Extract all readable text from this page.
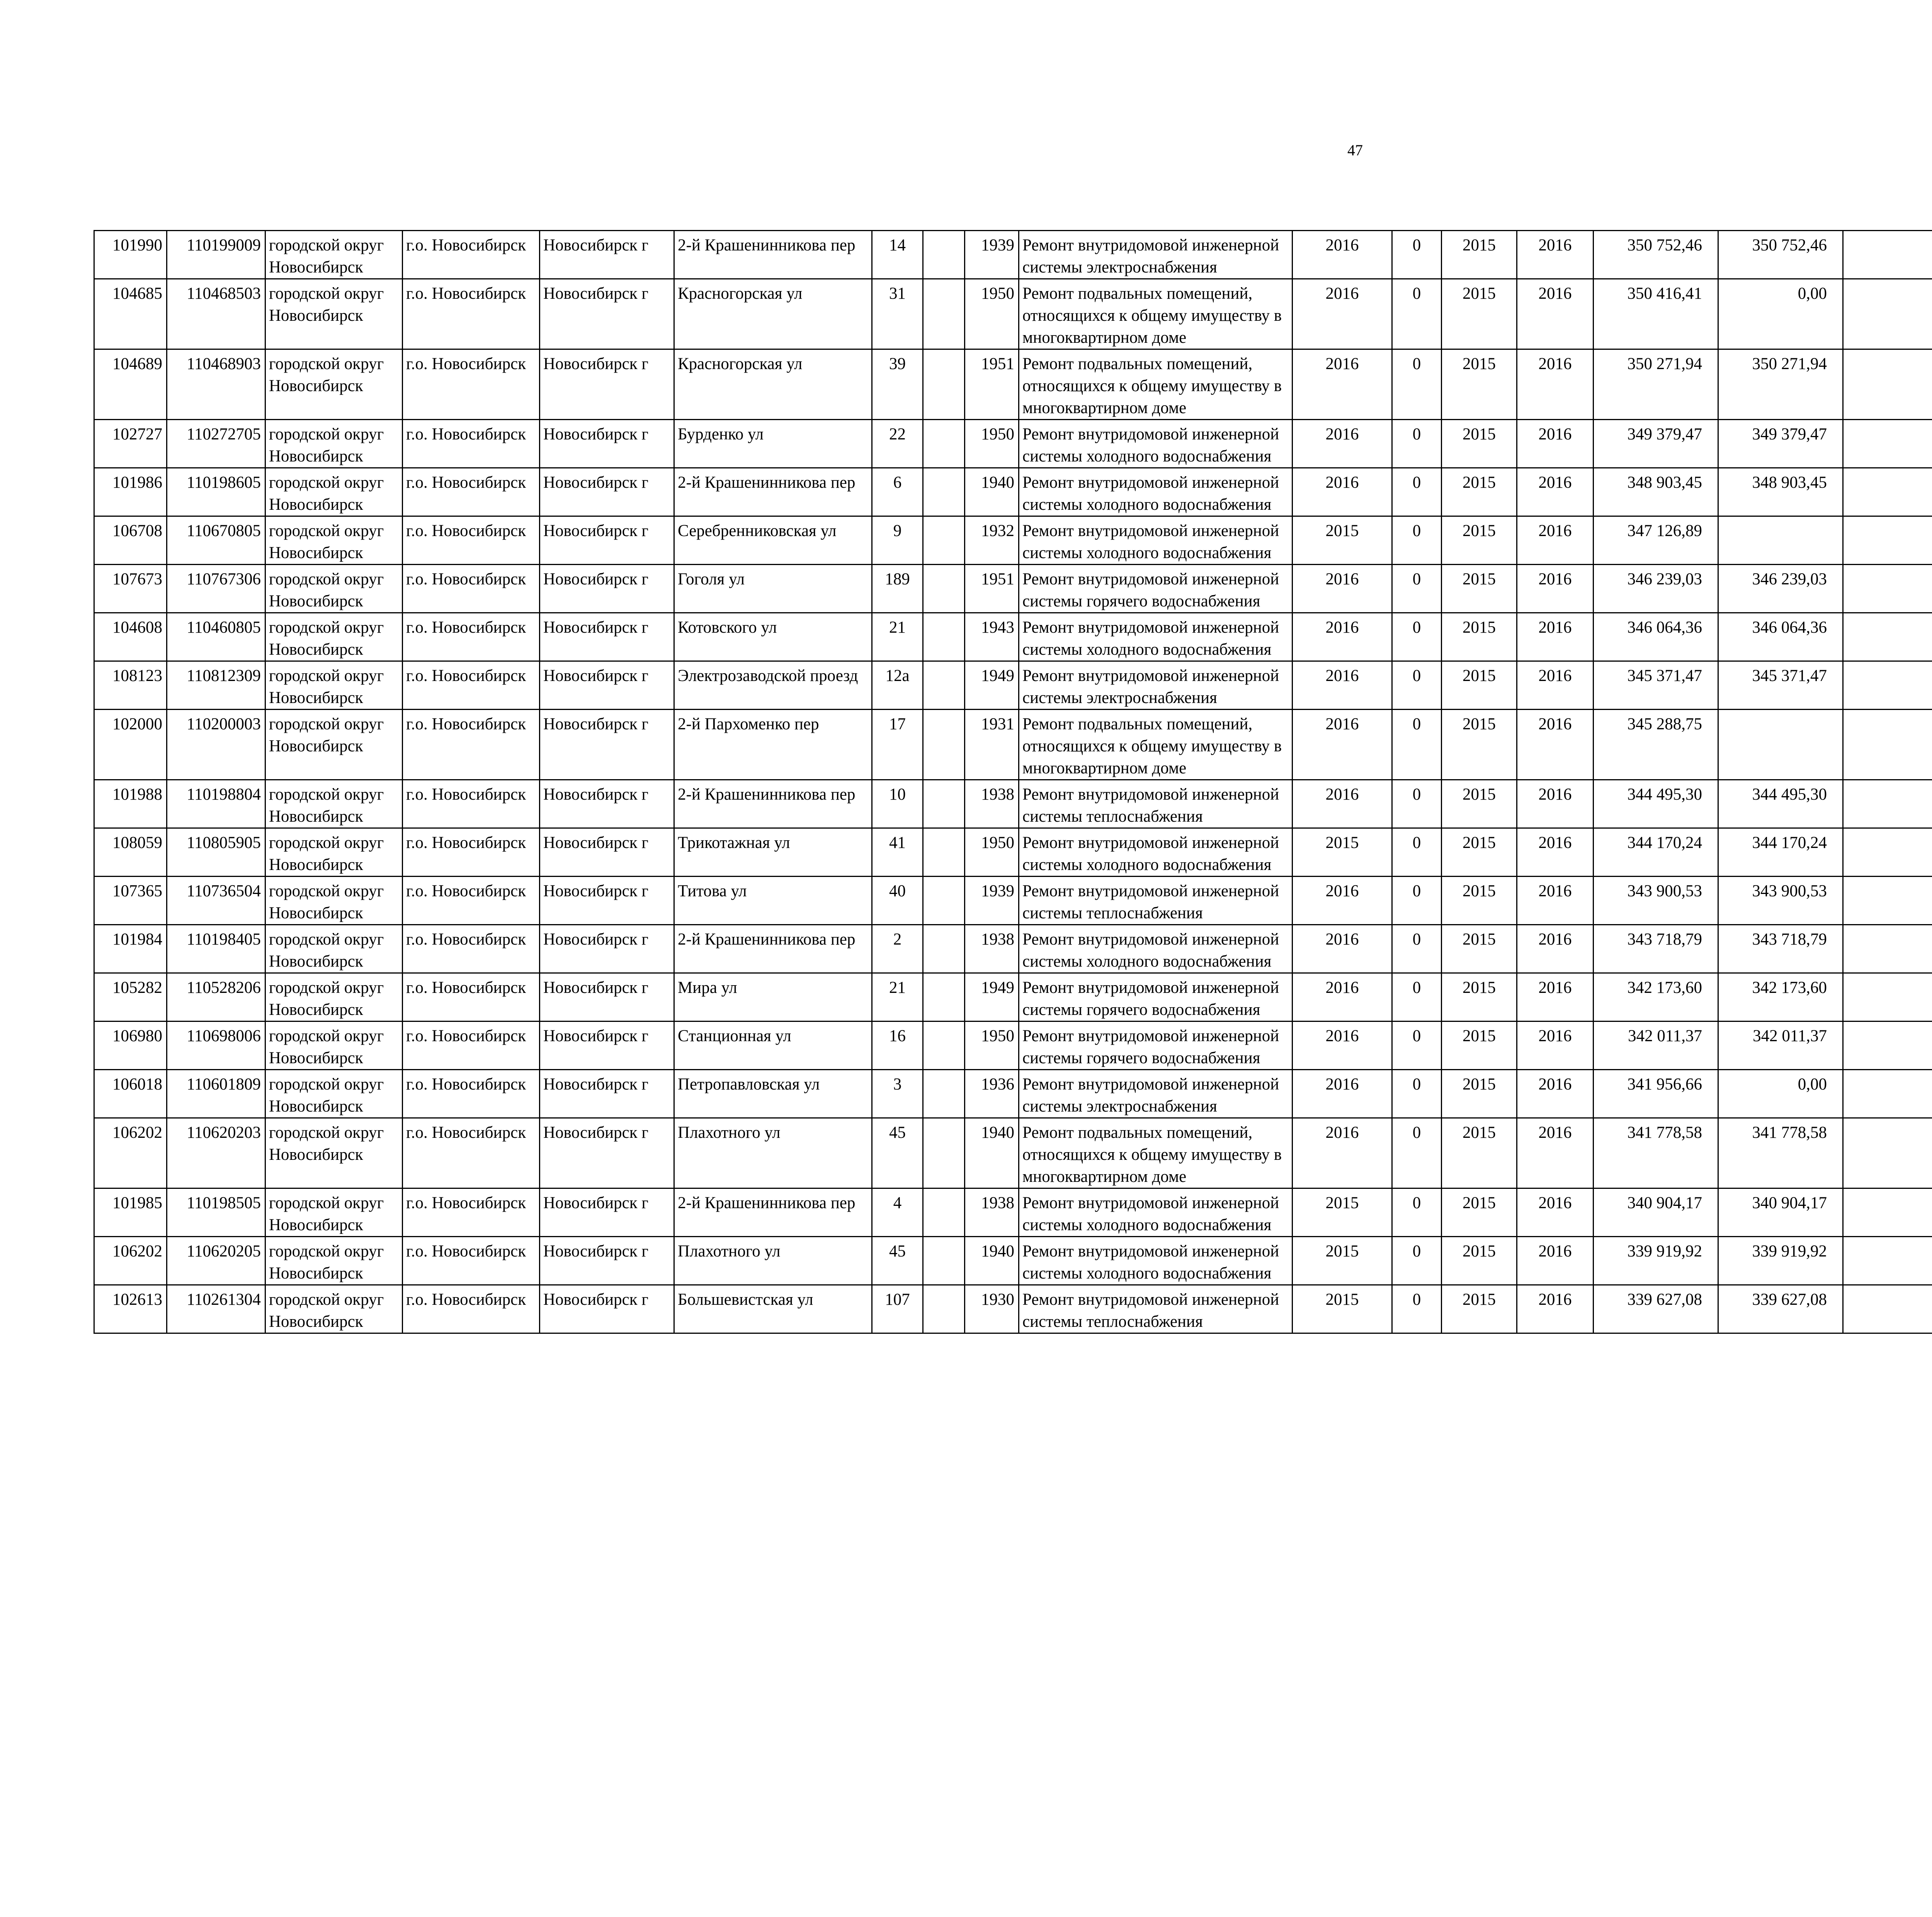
47
101990	110199009	городской округ Новосибирск	г.о. Новосибирск	Новосибирск г	2-й Крашенинникова пер	14		1939	Ремонт внутридомовой инженерной системы электроснабжения	2016	0	2015	2016	350 752,46	350 752,46						
104685	110468503	городской округ Новосибирск	г.о. Новосибирск	Новосибирск г	Красногорская ул	31		1950	Ремонт подвальных помещений, относящихся к общему имуществу в многоквартирном доме	2016	0	2015	2016	350 416,41	0,00						
104689	110468903	городской округ Новосибирск	г.о. Новосибирск	Новосибирск г	Красногорская ул	39		1951	Ремонт подвальных помещений, относящихся к общему имуществу в многоквартирном доме	2016	0	2015	2016	350 271,94	350 271,94						
102727	110272705	городской округ Новосибирск	г.о. Новосибирск	Новосибирск г	Бурденко ул	22		1950	Ремонт внутридомовой инженерной системы холодного водоснабжения	2016	0	2015	2016	349 379,47	349 379,47						
101986	110198605	городской округ Новосибирск	г.о. Новосибирск	Новосибирск г	2-й Крашенинникова пер	6		1940	Ремонт внутридомовой инженерной системы холодного водоснабжения	2016	0	2015	2016	348 903,45	348 903,45						
106708	110670805	городской округ Новосибирск	г.о. Новосибирск	Новосибирск г	Серебренниковская ул	9		1932	Ремонт внутридомовой инженерной системы холодного водоснабжения	2015	0	2015	2016	347 126,89							
107673	110767306	городской округ Новосибирск	г.о. Новосибирск	Новосибирск г	Гоголя ул	189		1951	Ремонт внутридомовой инженерной системы горячего водоснабжения	2016	0	2015	2016	346 239,03	346 239,03						
104608	110460805	городской округ Новосибирск	г.о. Новосибирск	Новосибирск г	Котовского ул	21		1943	Ремонт внутридомовой инженерной системы холодного водоснабжения	2016	0	2015	2016	346 064,36	346 064,36						
108123	110812309	городской округ Новосибирск	г.о. Новосибирск	Новосибирск г	Электрозаводской проезд	12а		1949	Ремонт внутридомовой инженерной системы электроснабжения	2016	0	2015	2016	345 371,47	345 371,47						
102000	110200003	городской округ Новосибирск	г.о. Новосибирск	Новосибирск г	2-й Пархоменко пер	17		1931	Ремонт подвальных помещений, относящихся к общему имуществу в многоквартирном доме	2016	0	2015	2016	345 288,75							
101988	110198804	городской округ Новосибирск	г.о. Новосибирск	Новосибирск г	2-й Крашенинникова пер	10		1938	Ремонт внутридомовой инженерной системы теплоснабжения	2016	0	2015	2016	344 495,30	344 495,30						
108059	110805905	городской округ Новосибирск	г.о. Новосибирск	Новосибирск г	Трикотажная ул	41		1950	Ремонт внутридомовой инженерной системы холодного водоснабжения	2015	0	2015	2016	344 170,24	344 170,24						
107365	110736504	городской округ Новосибирск	г.о. Новосибирск	Новосибирск г	Титова ул	40		1939	Ремонт внутридомовой инженерной системы теплоснабжения	2016	0	2015	2016	343 900,53	343 900,53						
101984	110198405	городской округ Новосибирск	г.о. Новосибирск	Новосибирск г	2-й Крашенинникова пер	2		1938	Ремонт внутридомовой инженерной системы холодного водоснабжения	2016	0	2015	2016	343 718,79	343 718,79						
105282	110528206	городской округ Новосибирск	г.о. Новосибирск	Новосибирск г	Мира ул	21		1949	Ремонт внутридомовой инженерной системы горячего водоснабжения	2016	0	2015	2016	342 173,60	342 173,60						
106980	110698006	городской округ Новосибирск	г.о. Новосибирск	Новосибирск г	Станционная ул	16		1950	Ремонт внутридомовой инженерной системы горячего водоснабжения	2016	0	2015	2016	342 011,37	342 011,37						
106018	110601809	городской округ Новосибирск	г.о. Новосибирск	Новосибирск г	Петропавловская ул	3		1936	Ремонт внутридомовой инженерной системы электроснабжения	2016	0	2015	2016	341 956,66	0,00						
106202	110620203	городской округ Новосибирск	г.о. Новосибирск	Новосибирск г	Плахотного ул	45		1940	Ремонт подвальных помещений, относящихся к общему имуществу в многоквартирном доме	2016	0	2015	2016	341 778,58	341 778,58						
101985	110198505	городской округ Новосибирск	г.о. Новосибирск	Новосибирск г	2-й Крашенинникова пер	4		1938	Ремонт внутридомовой инженерной системы холодного водоснабжения	2015	0	2015	2016	340 904,17	340 904,17						
106202	110620205	городской округ Новосибирск	г.о. Новосибирск	Новосибирск г	Плахотного ул	45		1940	Ремонт внутридомовой инженерной системы холодного водоснабжения	2015	0	2015	2016	339 919,92	339 919,92						
102613	110261304	городской округ Новосибирск	г.о. Новосибирск	Новосибирск г	Большевистская ул	107		1930	Ремонт внутридомовой инженерной системы теплоснабжения	2015	0	2015	2016	339 627,08	339 627,08						
